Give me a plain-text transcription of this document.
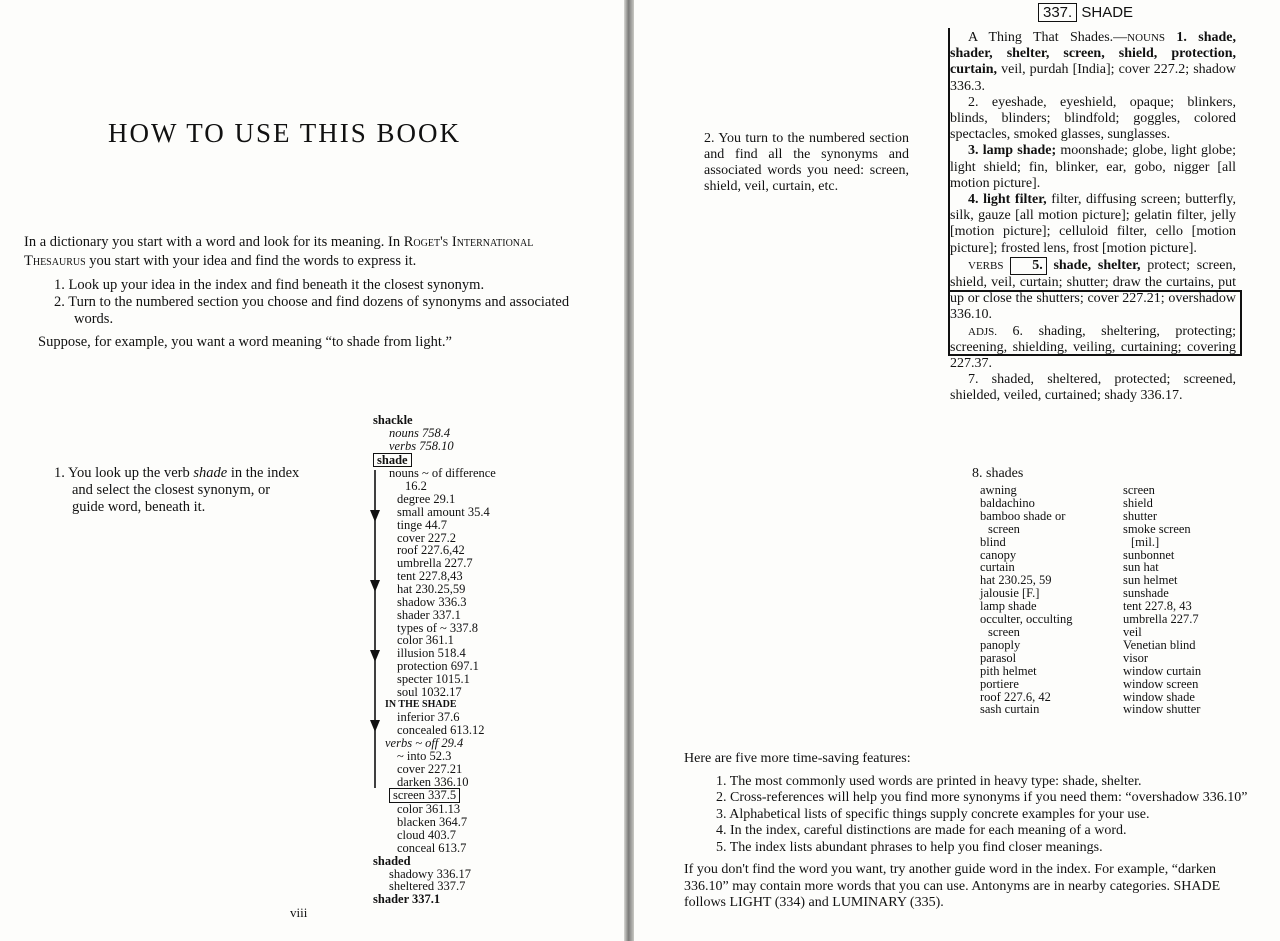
HOW TO USE THIS BOOK

In a dictionary you start with a word and look for its meaning. In Roget's International Thesaurus you start with your idea and find the words to express it.

1. Look up your idea in the index and find beneath it the closest synonym.
2. Turn to the numbered section you choose and find dozens of synonyms and associated words.
Suppose, for example, you want a word meaning “to shade from light.”
1. You look up the verb shade in the index and select the closest synonym, or guide word, beneath it.
shackle
nouns 758.4
verbs 758.10
shade
nouns ~ of difference
16.2
degree 29.1
small amount 35.4
tinge 44.7
cover 227.2
roof 227.6,42
umbrella 227.7
tent 227.8,43
hat 230.25,59
shadow 336.3
shader 337.1
types of ~ 337.8
color 361.1
illusion 518.4
protection 697.1
specter 1015.1
soul 1032.17
IN THE SHADE
inferior 37.6
concealed 613.12
verbs ~ off 29.4
~ into 52.3
cover 227.21
darken 336.10
screen 337.5
color 361.13
blacken 364.7
cloud 403.7
conceal 613.7
shaded
shadowy 336.17
sheltered 337.7
shader 337.1
viii
2. You turn to the numbered section and find all the synonyms and associated words you need: screen, shield, veil, curtain, etc.
337. SHADE

A Thing That Shades.—NOUNS 1. shade, shader, shelter, screen, shield, protection, curtain, veil, purdah [India]; cover 227.2; shadow 336.3.

2. eyeshade, eyeshield, opaque; blinkers, blinds, blinders; blindfold; goggles, colored spectacles, smoked glasses, sunglasses.

3. lamp shade; moonshade; globe, light globe; light shield; fin, blinker, ear, gobo, nigger [all motion picture].

4. light filter, filter, diffusing screen; butterfly, silk, gauze [all motion picture]; gelatin filter, jelly [motion picture]; celluloid filter, cello [motion picture]; frosted lens, frost [motion picture].

VERBS 5. shade, shelter, protect; screen, shield, veil, curtain; shutter; draw the curtains, put up or close the shutters; cover 227.21; overshadow 336.10.

ADJS. 6. shading, sheltering, protecting; screening, shielding, veiling, curtaining; covering 227.37.

7. shaded, sheltered, protected; screened, shielded, veiled, curtained; shady 336.17.

8. shades
awning
baldachino
bamboo shade or
screen
blind
canopy
curtain
hat 230.25, 59
jalousie [F.]
lamp shade
occulter, occulting
screen
panoply
parasol
pith helmet
portiere
roof 227.6, 42
sash curtain
screen
shield
shutter
smoke screen
[mil.]
sunbonnet
sun hat
sun helmet
sunshade
tent 227.8, 43
umbrella 227.7
veil
Venetian blind
visor
window curtain
window screen
window shade
window shutter
Here are five more time-saving features:
1. The most commonly used words are printed in heavy type: shade, shelter.
2. Cross-references will help you find more synonyms if you need them: “overshadow 336.10”
3. Alphabetical lists of specific things supply concrete examples for your use.
4. In the index, careful distinctions are made for each meaning of a word.
5. The index lists abundant phrases to help you find closer meanings.
If you don't find the word you want, try another guide word in the index. For example, “darken 336.10” may contain more words that you can use. Antonyms are in nearby categories. SHADE follows LIGHT (334) and LUMINARY (335).
